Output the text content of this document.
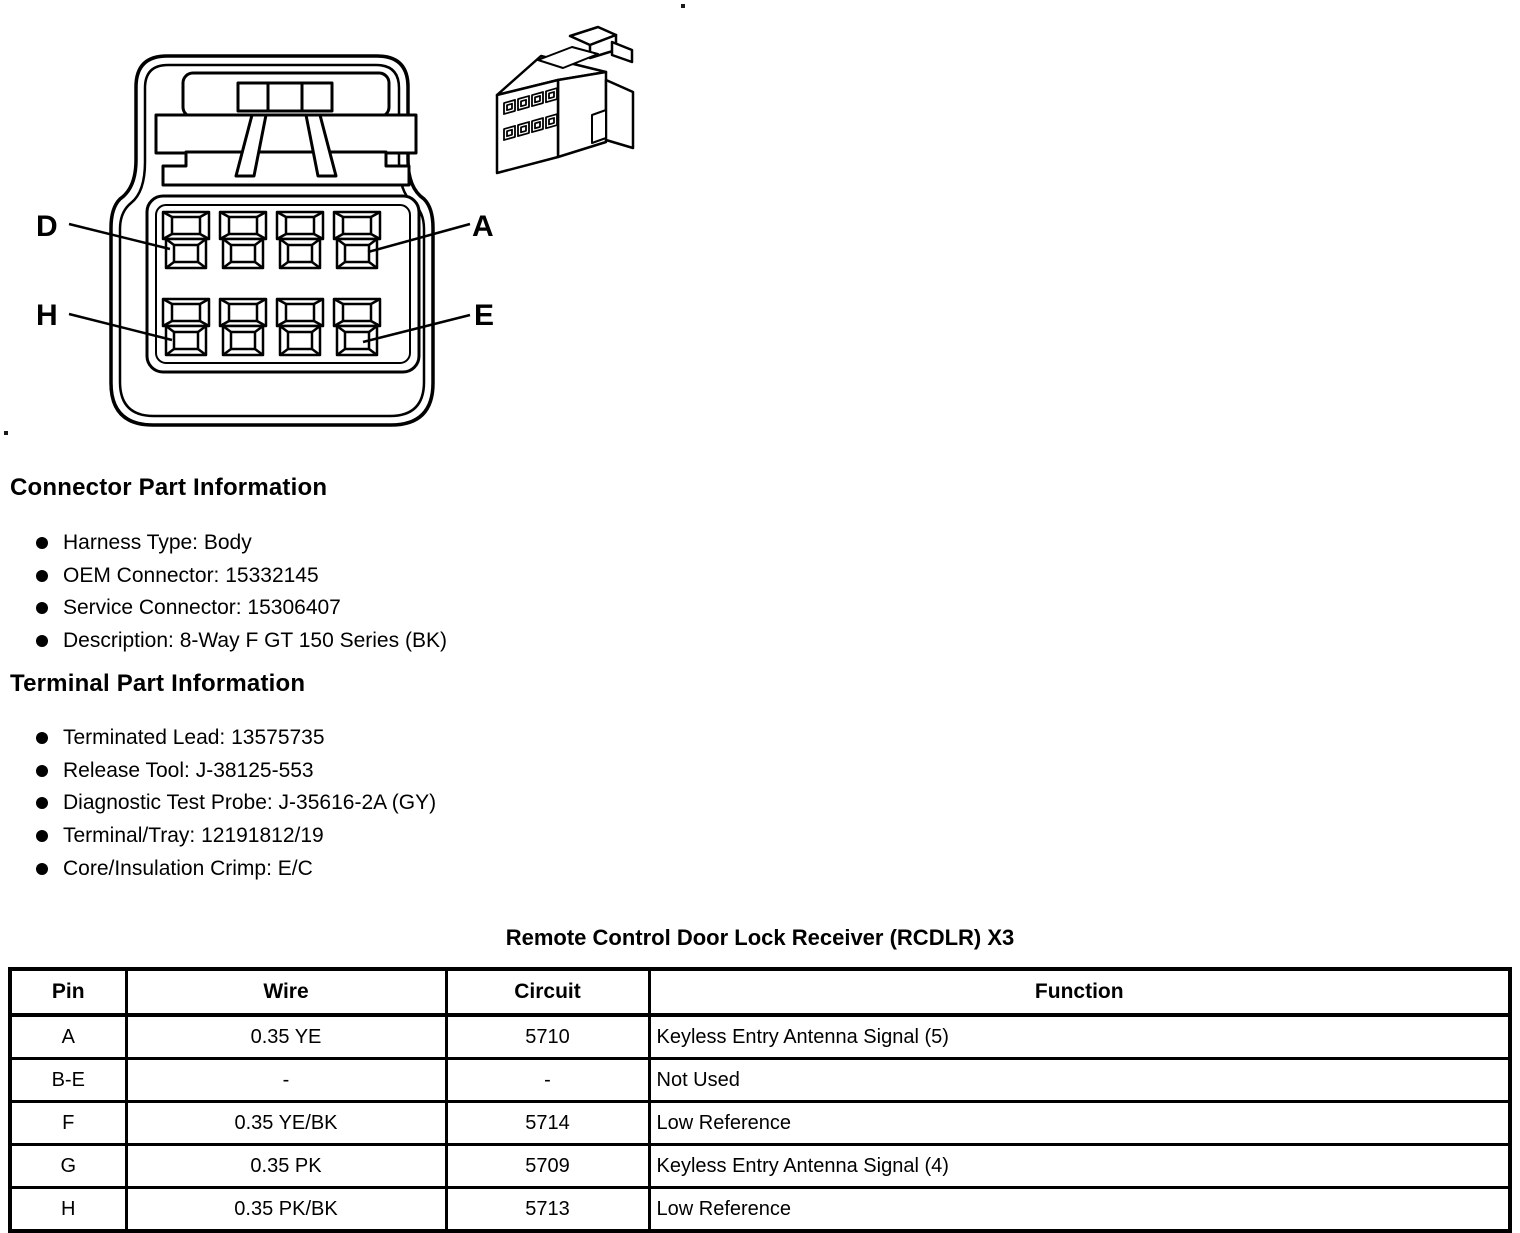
D	A
H	E
Connector Part Information
Harness Type: Body
OEM Connector: 15332145
Service Connector: 15306407
Description: 8-Way F GT 150 Series (BK)
Terminal Part Information
Terminated Lead: 13575735
Release Tool: J-38125-553
Diagnostic Test Probe: J-35616-2A (GY)
Terminal/Tray: 12191812/19
Core/Insulation Crimp: E/C

Remote Control Door Lock Receiver (RCDLR) X3

Pin	Wire	Circuit	Function
A	0.35 YE	5710	Keyless Entry Antenna Signal (5)
B-E	-	-	Not Used
F	0.35 YE/BK	5714	Low Reference
G	0.35 PK	5709	Keyless Entry Antenna Signal (4)
H	0.35 PK/BK	5713	Low Reference
